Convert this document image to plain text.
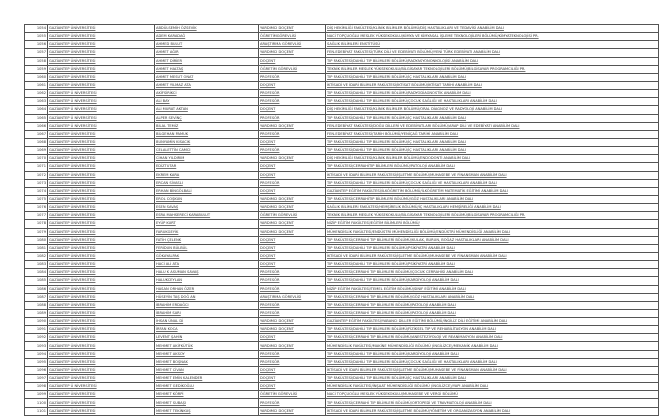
1054	GAZİANTEP ÜNİVERSİTESİ	ABDÜLSEMİH ÖZSEVİK	YARDIMCI DOÇENT	DİŞ HEKİMLİĞİ FAKÜLTESİ/KLİNİK BİLİMLER BÖLÜMÜ/DİŞ HASTALIKLARI VE TEDAVİSİ ANABİLİM DALI
1055	GAZİANTEP ÜNİVERSİTESİ	ADEM KARADAĞ	ÖĞRETİMGÖREVLİSİ	NACİ TOPÇUOĞLU MESLEK YÜKSEKOKULU/KİMYA VE KİMYASAL İŞLEME TEKNOLOJİLERİ BÖLÜMÜ/KİMYATEKNOLOJİSİ PR.
1056	GAZİANTEP ÜNİVERSİTESİ	AHMED BULUT	ARAŞTIRMA GÖREVLİSİ	SAĞLIK BİLİMLERİ ENSTİTÜSÜ
1057	GAZİANTEP ÜNİVERSİTESİ	AHMET AĞIR	YARDIMCI DOÇENT	FEN-EDEBİYAT FAKÜLTESİ/TÜRK DİLİ VE EDEBİYATI BÖLÜMÜ/YENİ TÜRK EDEBİYATI ANABİLİM DALI
1058	GAZİANTEP ÜNİVERSİTESİ	AHMET DİRİER	DOÇENT	TIP FAKÜLTESİ/DAHİLİ TIP BİLİMLERİ BÖLÜMÜ/RADYASYONONKOLOJİSİ ANABİLİM DALI
1059	GAZİANTEP ÜNİVERSİTESİ	AHMET HALTAŞ	ÖĞRETİM GÖREVLİSİ	TEKNİK BİLİMLER MESLEK YÜKSEKOKULU/BİLGİSAYAR TEKNOLOJİLERİ BÖLÜMÜ/BİLGİSAYAR PROGRAMCILIĞI PR.
1060	GAZİANTEP ÜNİVERSİTESİ	AHMET MESUT ONAT	PROFESÖR	TIP FAKÜLTESİ/DAHİLİ TIP BİLİMLERİ BÖLÜMÜ/İÇ HASTALIKLARI ANABİLİM DALI
1061	GAZİANTEP ÜNİVERSİTESİ	AHMET YILMAZ ATA	DOÇENT	İKTİSADİ VE İDARİ BİLİMLER FAKÜLTESİ/İKTİSAT BÖLÜMÜ/İKTİSAT TARİHİ ANABİLİM DALI
1062	GAZİANTEP Ü NİVERSİTESİ	AKİFSİRİKCİ	PROFESÖR	TIP FAKÜLTESİ/DAHİLİ TIP BİLİMLERİ BÖLÜMÜ/RADYODİAGNOSTİK ANABİLİM DALI
1063	GAZİANTEP Ü NİVERSİTESİ	ALİ BAY	PROFESÖR	TIP FAKÜLTESİ/DAHİLİ TIP BİLİMLERİ BÖLÜMÜ/ÇOCUK SAĞLIĞI VE HASTALIKLARI ANABİLİM DALI
1064	GAZİANTEP Ü NİVERSİTESİ	ALİ MURAT AKTAN	DOÇENT	DİŞ HEKİMLİĞİ FAKÜLTESİ/KLİNİK BİLİMLER BÖLÜMÜ/ORAL DİAGNOZ VE RADYOLOJİ ANABİLİM DALI
1065	GAZİANTEP Ü NİVERSİTESİ	ALPER SEVİNÇ	PROFESÖR	TIP FAKÜLTESİ/DAHİLİ TIP BİLİMLERİ BÖLÜMÜ/İÇ HASTALIKLARI ANABİLİM DALI
1066	GAZİANTEP Ü NİVERSİTESİ	BİLAL TEMİZ	YARDIMCI DOÇENT	FEN-EDEBİYAT FAKÜLTESİ/DOĞU DİLLERİ VE EDEBİYATLARI BÖLÜMÜ/ARAP DİLİ VE EDEBİYATI ANABİLİM DALI
1067	GAZİANTEP ÜNİVERSİTESİ	BİLGEHAN PAMUK	PROFESÖR	FEN-EDEBİYAT FAKÜLTESİ/TARİH BÖLÜMÜ/YENİÇAĞ TARİHİ ANABİLİM DALI
1068	GAZİANTEP ÜNİVERSİTESİ	BUNYAMİN KISACIK	DOÇENT	TIP FAKÜLTESİ/DAHİLİ TIP BİLİMLERİ BÖLÜMÜ/İÇ HASTALIKLARI ANABİLİM DALI
1069	GAZİANTEP ÜNİVERSİTESİ	CELALETTİN CAMCI	PROFESÖR	TIP FAKÜLTESİ/DAHİLİ TIP BİLİMLERİ BÖLÜMÜ/İÇ HASTALIKLARI ANABİLİM DALI
1070	GAZİANTEP ÜNİVERSİTESİ	CİHAN YILDIRIM	YARDIMCI DOÇENT	DİŞ HEKİMLİĞİ FAKÜLTESİ/KLİNİK BİLİMLER BÖLÜMÜ/ENDODONTİ ANABİLİM DALI
1071	GAZİANTEP ÜNİVERSİTESİ	EDİZTUTAR	DOÇENT	TIP FAKÜLTESİ/CERRAHİTIP BİLİMLERİ BÖLÜMÜ/PATOLOJİ ANABİLİM DALI
1072	GAZİANTEP ÜNİVERSİTESİ	EKREM KARA	DOÇENT	İKTİSADİ VE İDARİ BİLİMLER FAKÜLTESİ/İŞLETME BÖLÜMÜ/MUHASEBE VE FİNANSMAN ANABİLİM DALI
1073	GAZİANTEP ÜNİVERSİTESİ	ERCAN SİVASLI	PROFESÖR	TIP FAKÜLTESİ/DAHİLİ TIP BİLİMLERİ BÖLÜMÜ/ÇOCUK SAĞLIĞI VE HASTALIKLARI ANABİLİM DALI
1074	GAZİANTEP ÜNİVERSİTESİ	ERHAN BİNGÖLBALİ	DOÇENT	GAZİANTEP EĞİTİM FAKÜLTESİ/İLKÖĞRETİM BÖLÜMÜ/İLKÖĞRETİM MATEMATİK EĞİTİMİ ANABİLİM DALI
1075	GAZİANTEP ÜNİVERSİTESİ	EROL COŞKUN	YARDIMCI DOÇENT	TIP FAKÜLTESİ/CERRAHİTIP BİLİMLERİ BÖLÜMÜ/GÖZ HASTALIKLARI ANABİLİM DALI
1076	GAZİANTEP ÜNİVERSİTESİ	ESEN SAVAŞ	YARDIMCI DOÇENT	SAĞLIK BİLİMLERİ FAKÜLTESİ/HEMŞİRELİK BÖLÜMÜ/İÇ HASTALIKLARI HEMŞİRELİĞİ ANABİLİM DALI
1077	GAZİANTEP ÜNİVERSİTESİ	ESRA MAHSERECİ KARABULUT	ÖĞRETİM GÖREVLİSİ	TEKNİK BİLİMLER MESLEK YÜKSEKOKULU/BİLGİSAYAR TEKNOLOJİLERİ BÖLÜMÜ/BİLGİSAYAR PROGRAMCILIĞI PR.
1078	GAZİANTEP ÜNİVERSİTESİ	EYÜP KURT	YARDIMCI DOÇENT	NİZİP EĞİTİM FAKÜLTESİ/EĞİTİM BİLİMLERİ BÖLÜMÜ/
1079	GAZİANTEP ÜNİVERSİTESİ	FARUKGEYİK	YARDIMCI DOÇENT	MÜHENDİSLİK FAKÜLTESİ/ENDÜSTRİ MÜHENDİSLİĞİ BÖLÜMÜ/ENDÜSTRİ MÜHENDİSLİĞİ ANABİLİM DALI
1080	GAZİANTEP ÜNİVERSİTESİ	FATİH ÇELENK	DOÇENT	TIP FAKÜLTESİ/CERRAHİ TIP BİLİMLERİ BÖLÜMÜ/KULAK, BURUN, BOĞAZ HASTALIKLARI ANABİLİM DALI
1081	GAZİANTEP ÜNİVERSİTESİ	FERİDUN BÜLBÜL	DOÇENT	TIP FAKÜLTESİ/DAHİLİ TIP BİLİMLERİ BÖLÜMÜ/PSİKİYATRİ ANABİLİM DALI
1082	GAZİANTEP ÜNİVERSİTESİ	GÖKAYALPAK	DOÇENT	İKTİSADİ VE İDARİ BİLİMLER FAKÜLTESİ/İŞLETME BÖLÜMÜ/MUHASEBE VE FİNANSMAN ANABİLİM DALI
1083	GAZİANTEP ÜNİVERSİTESİ	HACİ ALİ ATA	DOÇENT	TIP FAKÜLTESİ/DAHİLİ TIP BİLİMLERİ BÖLÜMÜ/PSİKİYATRİ ANABİLİM DALI
1084	GAZİANTEP ÜNİVERSİTESİ	HALU K ASUMAN SAVAŞ	PROFESÖR	TIP FAKÜLTESİ/CERRAHİ TIP BİLİMLERİ BÖLÜMÜ/ÇOCUK CERRAHİSİ ANABİLİM DALI
1085	GAZİANTEP ÜNİVERSİTESİ	HALUKCEYLAN	PROFESÖR	TIP FAKÜLTESİ/DAHİLİ TIP BİLİMLERİ BÖLÜMÜ/KARDİYOLOJİ ANABİLİM DALI
1086	GAZİANTEP ÜNİVERSİTESİ	HASAN ORHAN ÖZER	PROFESÖR	NİZİP EĞİTİM FAKÜLTESİ/TEMEL EĞİTİM BÖLÜMÜ/SINIF EĞİTİMİ ANABİLİM DALI
1087	GAZİANTEP ÜNİVERSİTESİ	HÜSEYİN TAŞ DOĞ AN	ARAŞTIRMA GÖREVLİSİ	TIP FAKÜLTESİ/CERRAHİ TIP BİLİMLERİ BÖLÜMÜ/GÖZ HASTALIKLARI ANABİLİM DALI
1088	GAZİANTEP ÜNİVERSİTESİ	İBRAHİM ERDAĞCI	PROFESÖR	TIP FAKÜLTESİ/CERRAHİ TIP BİLİMLERİ BÖLÜMÜ/PATOLOJİ ANABİLİM DALI
1089	GAZİANTEP ÜNİVERSİTESİ	İBRAHİM SARI	PROFESÖR	TIP FAKÜLTESİ/CERRAHİ TIP BİLİMLERİ BÖLÜMÜ/PATOLOJİ ANABİLİM DALI
1090	GAZİANTEP ÜNİVERSİTESİ	İHSAN ÜNAL Dİ	YARDIMCI DOÇENT	GAZİANTEP EĞİTİM FAKÜLTESİ/YABANCI DİLLER EĞİTİMİ BÖLÜMÜ/İNGİLİZ DİLİ EĞİTİMİ ANABİLİM DALI
1091	GAZİANTEP ÜNİVERSİTESİ	İRFAN KOCA	YARDIMCI DOÇENT	TIP FAKÜLTESİ/DAHİLİ TIP BİLİMLERİ BÖLÜMÜ/FİZİKSEL TIP VE REHABİLİTASYON ANABİLİM DALI
1092	GAZİANTEP ÜNİVERSİTESİ	LEVENT ŞAHİN	DOÇENT	TIP FAKÜLTESİ/CERRAHİ TIP BİLİMLERİ BÖLÜMÜ/ANESTEZİYOLOJİ VE REANİMASYON ANABİLİM DALI
1093	GAZİANTEP ÜNİVERSİTESİ	MEHMET AKİFKÜTÜK	YARDIMCI DOÇENT	MÜHENDİSLİK FAKÜLTESİ/MAKİNE MÜHENDİSLİĞİ BÖLÜMÜ (İNGİLİZCE)/MEKANİK ANABİLİM DALI
1094	GAZİANTEP ÜNİVERSİTESİ	MEHMET AKSOY	PROFESÖR	TIP FAKÜLTESİ/DAHİLİ TIP BİLİMLERİ BÖLÜMÜ/KARDİYOLOJİ ANABİLİM DALI
1095	GAZİANTEP ÜNİVERSİTESİ	MEHMET BOŞNAK	PROFESÖR	TIP FAKÜLTESİ/DAHİLİ TIP BİLİMLERİ BÖLÜMÜ/ÇOCUK SAĞLIĞI VE HASTALIKLARI ANABİLİM DALI
1096	GAZİANTEP ÜNİVERSİTESİ	MEHMET CİVAN	DOÇENT	İKTİSADİ VE İDARİ BİLİMLER FAKÜLTESİ/İŞLETME BÖLÜMÜ/MUHASEBE VE FİNANSMAN ANABİLİM DALI
1097	GAZİANTEP ÜNİVERSİTESİ	MEHMET EMİN KALENDER	DOÇENT	TIP FAKÜLTESİ/DAHİLİ TIP BİLİMLERİ BÖLÜMÜ/İÇ HASTALIKLARI ANABİLİM DALI
1098	GAZİANTEP Ü NİVERSİTESİ	MEHMET GEDİKOĞLU	DOÇENT	MÜHENDİSLİK FAKÜLTESİ/İNŞAAT MÜHENDİSLİĞİ BÖLÜMÜ (İNGİLİZCE)/YAPI ANABİLİM DALI
1099	GAZİANTEP ÜNİVERSİTESİ	MEHMET KÖRPİ	ÖĞRETİM GÖREVLİSİ	NACİ TOPÇUOĞLU MESLEK YÜKSEKOKULU/MUHASEBE VE VERGİ BÖLÜMÜ
1100	GAZİANTEP ÜNİVERSİTESİ	MEHMET SUBAŞI	PROFESÖR	TIP FAKÜLTESİ/CERRAHİ TIP BİLİMLERİ BÖLÜMÜ/ORTOPEDİ VE TRAVMATOLOJİ ANABİLİM DALI
1101	GAZİANTEP ÜNİVERSİTESİ	MEHMET TEKİNKUŞ	YARDIMCI DOÇENT	İKTİSADİ VE İDARİ BİLİMLER FAKÜLTESİ/İŞLETME BÖLÜMÜ/YÖNETİM VE ORGANİZASYON ANABİLİM DALI
